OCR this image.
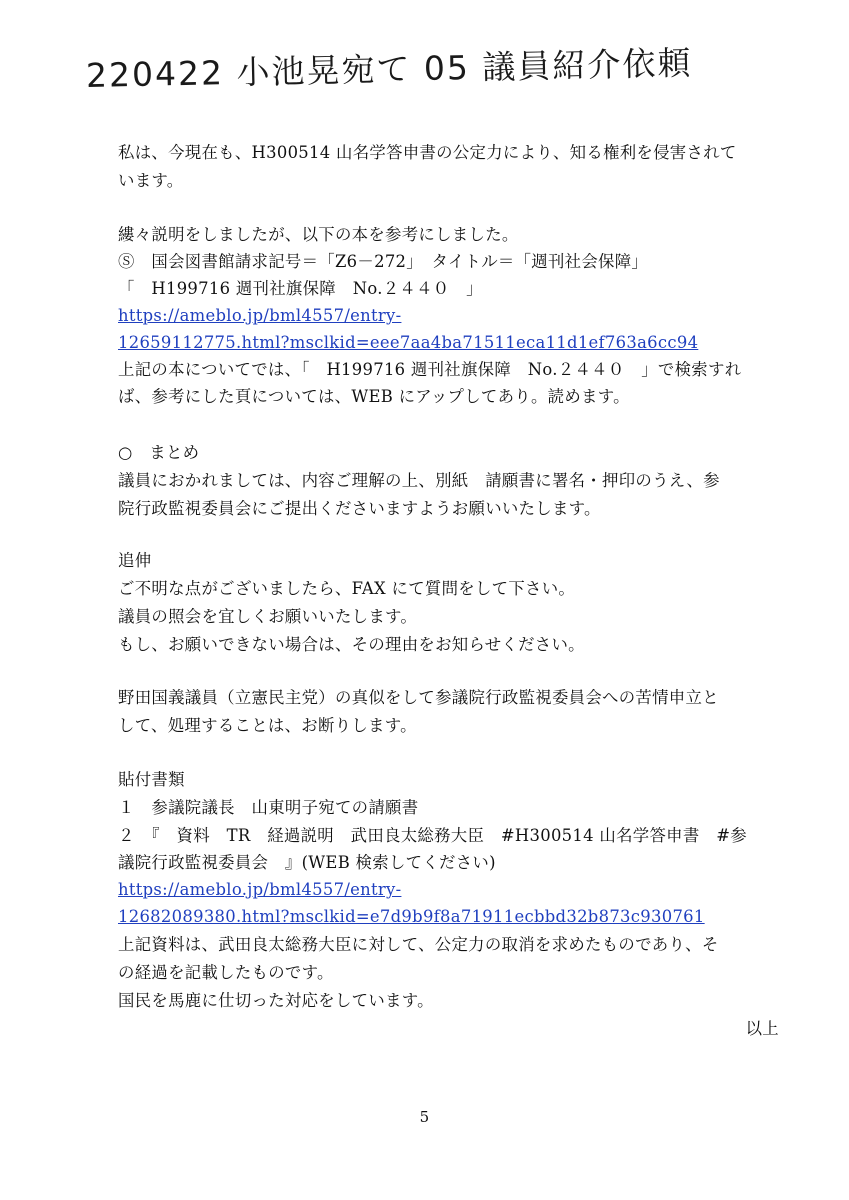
220422 小池晃宛て 05 議員紹介依頼
私は、今現在も、H300514 山名学答申書の公定力により、知る権利を侵害されて
います。
縷々説明をしましたが、以下の本を参考にしました。
Ⓢ　国会図書館請求記号＝「Z6－272」　タイトル＝「週刊社会保障」
「　H199716 週刊社旗保障　No.２４４０　」
https://ameblo.jp/bml4557/entry-
12659112775.html?msclkid=eee7aa4ba71511eca11d1ef763a6cc94
上記の本についてでは、「　H199716 週刊社旗保障　No.２４４０　」で検索すれ
ば、参考にした頁については、WEB にアップしてあり。読めます。
○　まとめ
議員におかれましては、内容ご理解の上、別紙　請願書に署名・押印のうえ、参
院行政監視委員会にご提出くださいますようお願いいたします。
追伸
ご不明な点がございましたら、FAX にて質問をして下さい。
議員の照会を宜しくお願いいたします。
もし、お願いできない場合は、その理由をお知らせください。
野田国義議員（立憲民主党）の真似をして参議院行政監視委員会への苦情申立と
して、処理することは、お断りします。
貼付書類
１　参議院議長　山東明子宛ての請願書
２　『　資料　TR　経過説明　武田良太総務大臣　#H300514 山名学答申書　#参
議院行政監視委員会　』(WEB 検索してください)
https://ameblo.jp/bml4557/entry-
12682089380.html?msclkid=e7d9b9f8a71911ecbbd32b873c930761
上記資料は、武田良太総務大臣に対して、公定力の取消を求めたものであり、そ
の経過を記載したものです。
国民を馬鹿に仕切った対応をしています。
以上
5
